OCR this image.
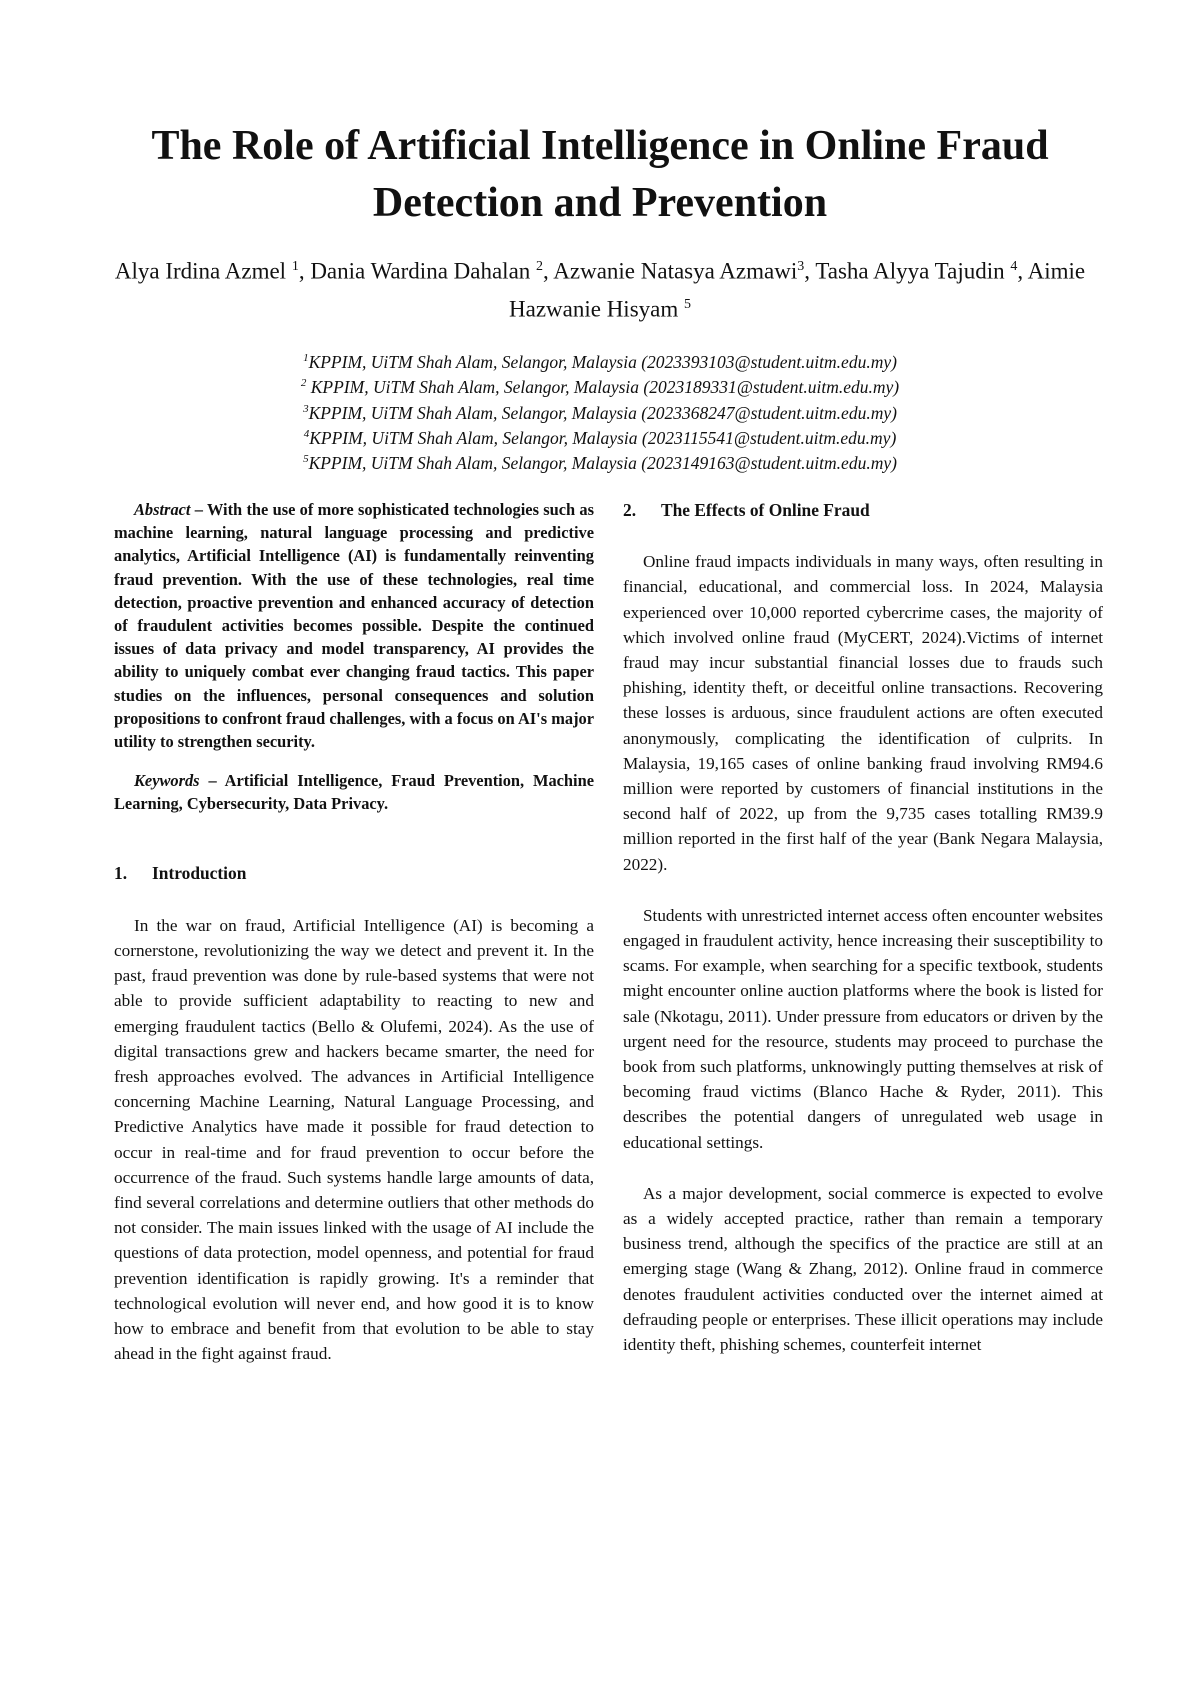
The Role of Artificial Intelligence in Online Fraud Detection and Prevention
Alya Irdina Azmel $^1$, Dania Wardina Dahalan $^2$, Azwanie Natasya Azmawi$^3$, Tasha Alyya Tajudin $^4$, Aimie Hazwanie Hisyam $^5$
$^1$KPPIM, UiTM Shah Alam, Selangor, Malaysia (2023393103@student.uitm.edu.my)
$^2$ KPPIM, UiTM Shah Alam, Selangor, Malaysia (2023189331@student.uitm.edu.my)
$^3$KPPIM, UiTM Shah Alam, Selangor, Malaysia (2023368247@student.uitm.edu.my)
$^4$KPPIM, UiTM Shah Alam, Selangor, Malaysia (2023115541@student.uitm.edu.my)
$^5$KPPIM, UiTM Shah Alam, Selangor, Malaysia (2023149163@student.uitm.edu.my)

Abstract – With the use of more sophisticated technologies such as machine learning, natural language processing and predictive analytics, Artificial Intelligence (AI) is fundamentally reinventing fraud prevention. With the use of these technologies, real time detection, proactive prevention and enhanced accuracy of detection of fraudulent activities becomes possible. Despite the continued issues of data privacy and model transparency, AI provides the ability to uniquely combat ever changing fraud tactics. This paper studies on the influences, personal consequences and solution propositions to confront fraud challenges, with a focus on AI's major utility to strengthen security.

Keywords – Artificial Intelligence, Fraud Prevention, Machine Learning, Cybersecurity, Data Privacy.

1. Introduction

In the war on fraud, Artificial Intelligence (AI) is becoming a cornerstone, revolutionizing the way we detect and prevent it. In the past, fraud prevention was done by rule-based systems that were not able to provide sufficient adaptability to reacting to new and emerging fraudulent tactics (Bello & Olufemi, 2024). As the use of digital transactions grew and hackers became smarter, the need for fresh approaches evolved. The advances in Artificial Intelligence concerning Machine Learning, Natural Language Processing, and Predictive Analytics have made it possible for fraud detection to occur in real-time and for fraud prevention to occur before the occurrence of the fraud. Such systems handle large amounts of data, find several correlations and determine outliers that other methods do not consider. The main issues linked with the usage of AI include the questions of data protection, model openness, and potential for fraud prevention identification is rapidly growing. It's a reminder that technological evolution will never end, and how good it is to know how to embrace and benefit from that evolution to be able to stay ahead in the fight against fraud.

2. The Effects of Online Fraud

Online fraud impacts individuals in many ways, often resulting in financial, educational, and commercial loss. In 2024, Malaysia experienced over 10,000 reported cybercrime cases, the majority of which involved online fraud (MyCERT, 2024).Victims of internet fraud may incur substantial financial losses due to frauds such phishing, identity theft, or deceitful online transactions. Recovering these losses is arduous, since fraudulent actions are often executed anonymously, complicating the identification of culprits. In Malaysia, 19,165 cases of online banking fraud involving RM94.6 million were reported by customers of financial institutions in the second half of 2022, up from the 9,735 cases totalling RM39.9 million reported in the first half of the year (Bank Negara Malaysia, 2022).

Students with unrestricted internet access often encounter websites engaged in fraudulent activity, hence increasing their susceptibility to scams. For example, when searching for a specific textbook, students might encounter online auction platforms where the book is listed for sale (Nkotagu, 2011). Under pressure from educators or driven by the urgent need for the resource, students may proceed to purchase the book from such platforms, unknowingly putting themselves at risk of becoming fraud victims (Blanco Hache & Ryder, 2011). This describes the potential dangers of unregulated web usage in educational settings.

As a major development, social commerce is expected to evolve as a widely accepted practice, rather than remain a temporary business trend, although the specifics of the practice are still at an emerging stage (Wang & Zhang, 2012). Online fraud in commerce denotes fraudulent activities conducted over the internet aimed at defrauding people or enterprises. These illicit operations may include identity theft, phishing schemes, counterfeit internet
